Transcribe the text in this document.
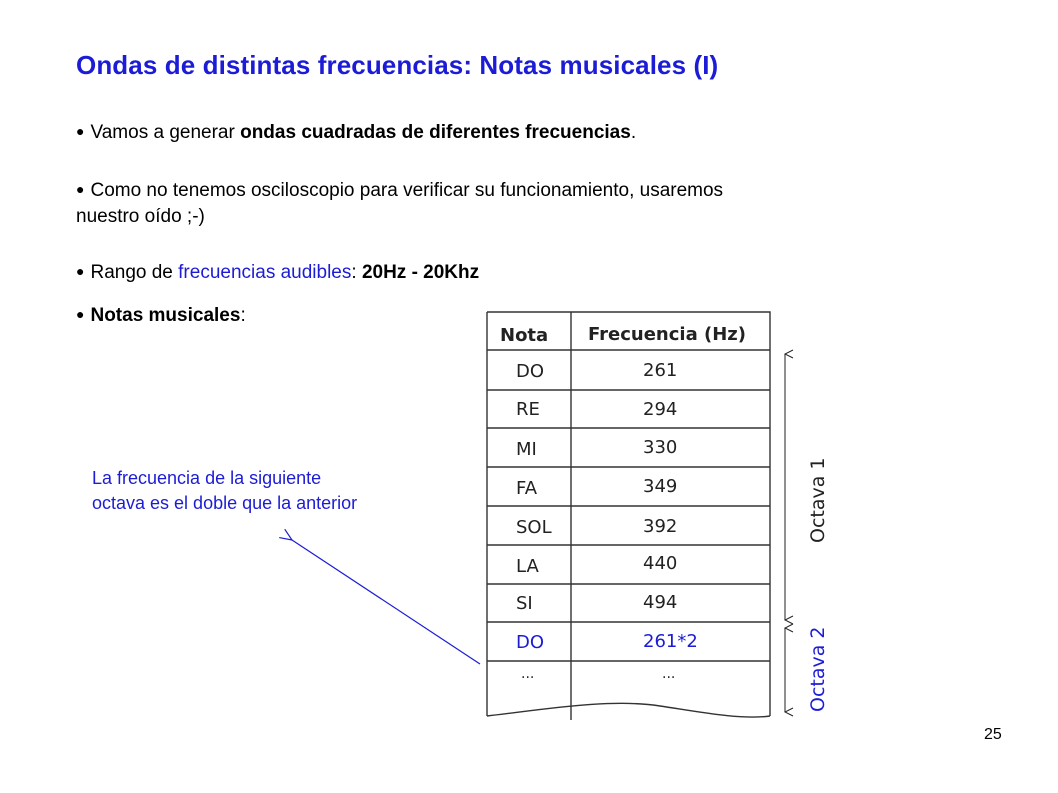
Ondas de distintas frecuencias: Notas musicales (I)
● Vamos a generar ondas cuadradas de diferentes frecuencias.
● Como no tenemos osciloscopio para verificar su funcionamiento, usaremos
nuestro oído ;-)
● Rango de frecuencias audibles: 20Hz - 20Khz
● Notas musicales:
La frecuencia de la siguiente
octava es el doble que la anterior
Nota Frecuencia (Hz)
DO	261
RE	294
MI	330
FA	349
SOL	392
LA	440
SI	494
DO	261*2
...	...
Octava 1
Octava 2
25
